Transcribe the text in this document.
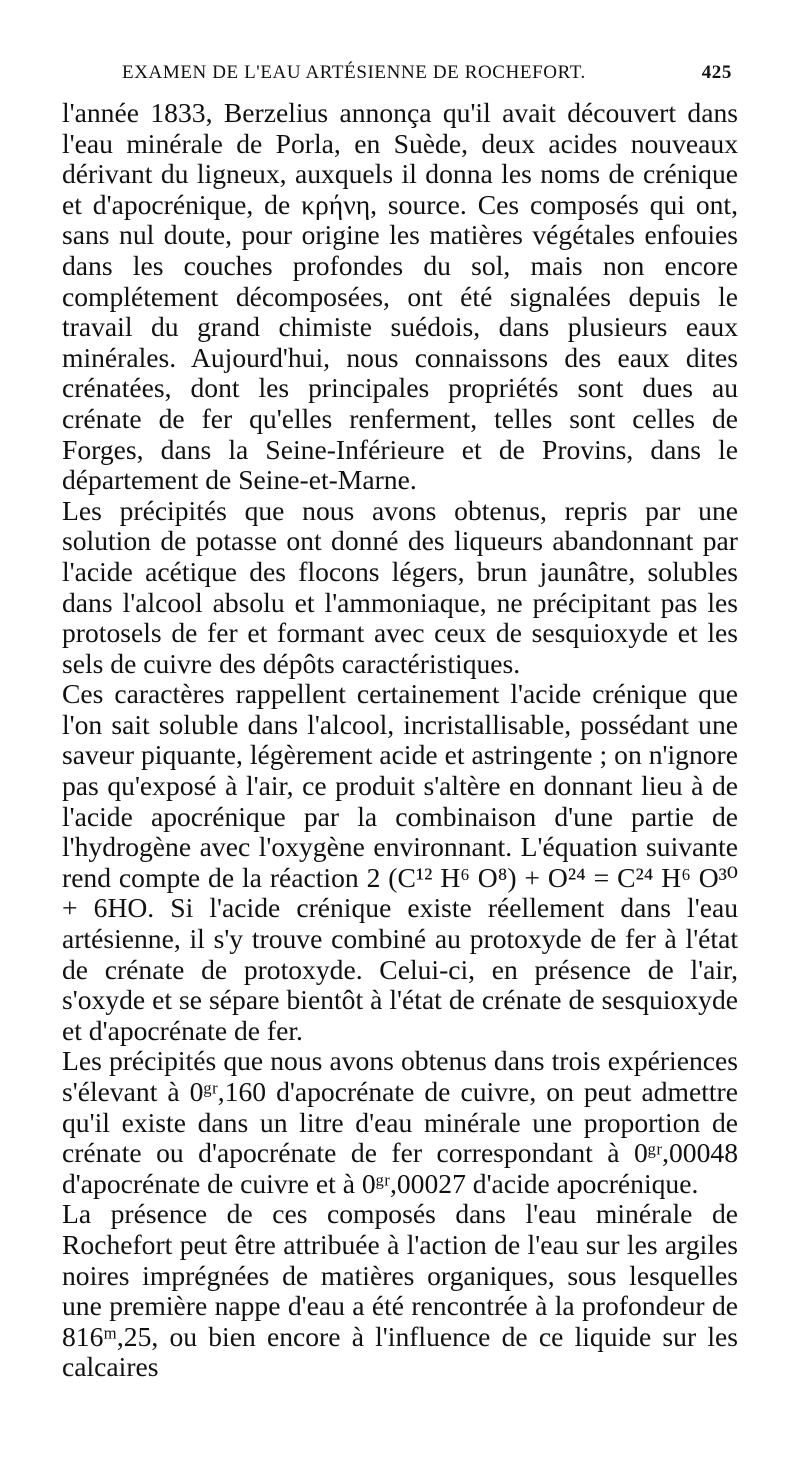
EXAMEN DE L'EAU ARTÉSIENNE DE ROCHEFORT.	425

l'année 1833, Berzelius annonça qu'il avait découvert dans l'eau minérale de Porla, en Suède, deux acides nouveaux dérivant du ligneux, auxquels il donna les noms de crénique et d'apocrénique, de κρήνη, source. Ces composés qui ont, sans nul doute, pour origine les matières végétales enfouies dans les couches profondes du sol, mais non encore complétement décomposées, ont été signalées depuis le travail du grand chimiste suédois, dans plusieurs eaux minérales. Aujourd'hui, nous connaissons des eaux dites crénatées, dont les principales propriétés sont dues au crénate de fer qu'elles renferment, telles sont celles de Forges, dans la Seine-Inférieure et de Provins, dans le département de Seine-et-Marne.

Les précipités que nous avons obtenus, repris par une solution de potasse ont donné des liqueurs abandonnant par l'acide acétique des flocons légers, brun jaunâtre, solubles dans l'alcool absolu et l'ammoniaque, ne précipitant pas les protosels de fer et formant avec ceux de sesquioxyde et les sels de cuivre des dépôts caractéristiques.

Ces caractères rappellent certainement l'acide crénique que l'on sait soluble dans l'alcool, incristallisable, possédant une saveur piquante, légèrement acide et astringente ; on n'ignore pas qu'exposé à l'air, ce produit s'altère en donnant lieu à de l'acide apocrénique par la combinaison d'une partie de l'hydrogène avec l'oxygène environnant. L'équation suivante rend compte de la réaction 2 (C¹² H⁶ O⁸) + O²⁴ = C²⁴ H⁶ O³⁰ + 6HO. Si l'acide crénique existe réellement dans l'eau artésienne, il s'y trouve combiné au protoxyde de fer à l'état de crénate de protoxyde. Celui-ci, en présence de l'air, s'oxyde et se sépare bientôt à l'état de crénate de sesquioxyde et d'apocrénate de fer.

Les précipités que nous avons obtenus dans trois expériences s'élevant à 0ᵍʳ,160 d'apocrénate de cuivre, on peut admettre qu'il existe dans un litre d'eau minérale une proportion de crénate ou d'apocrénate de fer correspondant à 0ᵍʳ,00048 d'apocrénate de cuivre et à 0ᵍʳ,00027 d'acide apocrénique.

La présence de ces composés dans l'eau minérale de Rochefort peut être attribuée à l'action de l'eau sur les argiles noires imprégnées de matières organiques, sous lesquelles une première nappe d'eau a été rencontrée à la profondeur de 816ᵐ,25, ou bien encore à l'influence de ce liquide sur les calcaires
